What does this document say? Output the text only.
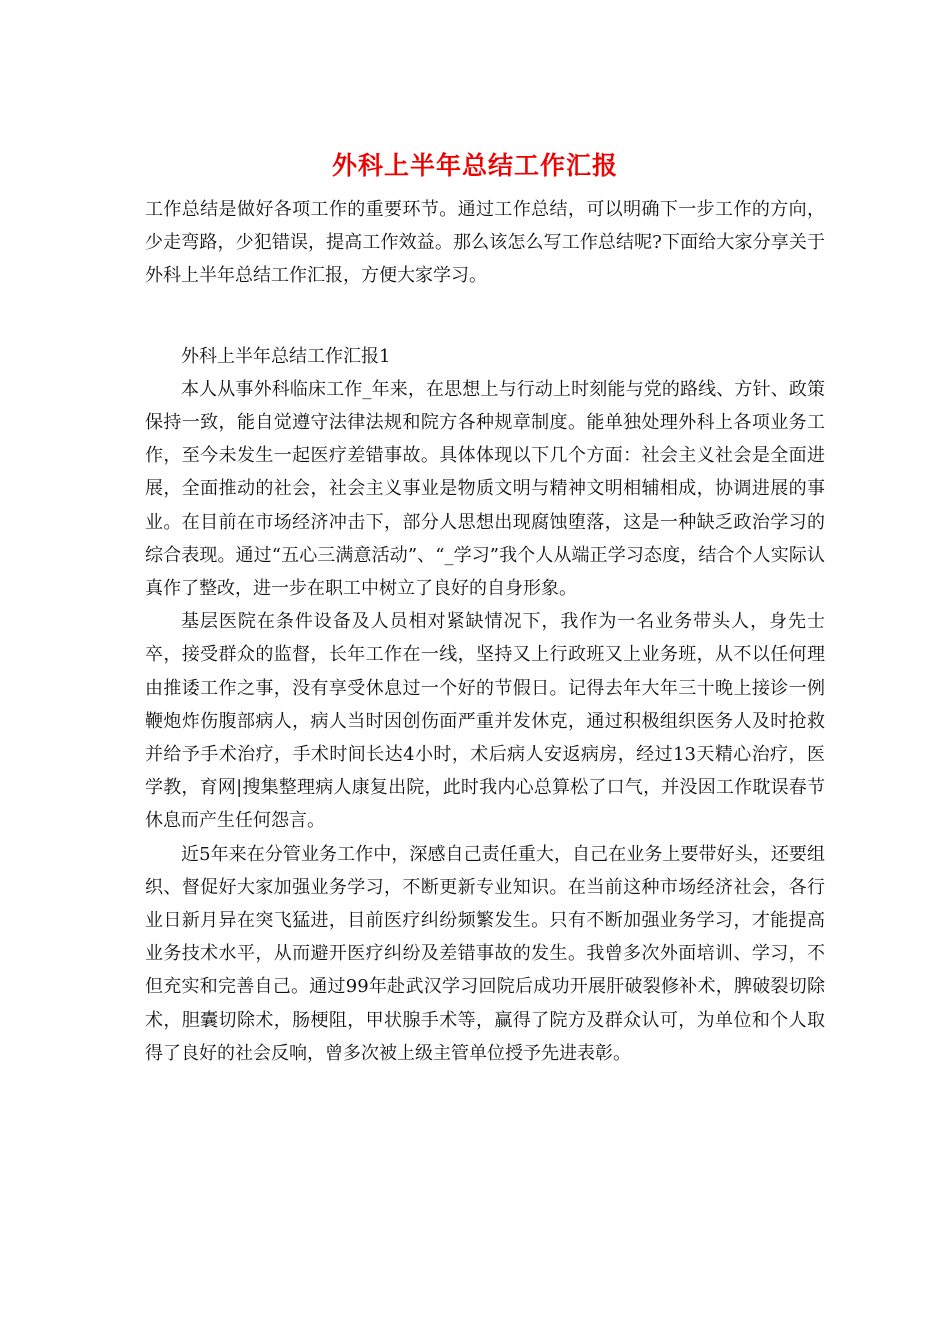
外科上半年总结工作汇报

工作总结是做好各项工作的重要环节。通过工作总结，可以明确下一步工作的方向，少走弯路，少犯错误，提高工作效益。那么该怎么写工作总结呢?下面给大家分享关于外科上半年总结工作汇报，方便大家学习。

外科上半年总结工作汇报1

本人从事外科临床工作_年来，在思想上与行动上时刻能与党的路线、方针、政策保持一致，能自觉遵守法律法规和院方各种规章制度。能单独处理外科上各项业务工作，至今未发生一起医疗差错事故。具体体现以下几个方面：社会主义社会是全面进展，全面推动的社会，社会主义事业是物质文明与精神文明相辅相成，协调进展的事业。在目前在市场经济冲击下，部分人思想出现腐蚀堕落，这是一种缺乏政治学习的综合表现。通过“五心三满意活动”、“_学习”我个人从端正学习态度，结合个人实际认真作了整改，进一步在职工中树立了良好的自身形象。

基层医院在条件设备及人员相对紧缺情况下，我作为一名业务带头人，身先士卒，接受群众的监督，长年工作在一线，坚持又上行政班又上业务班，从不以任何理由推诿工作之事，没有享受休息过一个好的节假日。记得去年大年三十晚上接诊一例鞭炮炸伤腹部病人，病人当时因创伤面严重并发休克，通过积极组织医务人及时抢救并给予手术治疗，手术时间长达4小时，术后病人安返病房，经过13天精心治疗，医学教，育网|搜集整理病人康复出院，此时我内心总算松了口气，并没因工作耽误春节休息而产生任何怨言。

近5年来在分管业务工作中，深感自己责任重大，自己在业务上要带好头，还要组织、督促好大家加强业务学习，不断更新专业知识。在当前这种市场经济社会，各行业日新月异在突飞猛进，目前医疗纠纷频繁发生。只有不断加强业务学习，才能提高业务技术水平，从而避开医疗纠纷及差错事故的发生。我曾多次外面培训、学习，不但充实和完善自己。通过99年赴武汉学习回院后成功开展肝破裂修补术，脾破裂切除术，胆囊切除术，肠梗阻，甲状腺手术等，赢得了院方及群众认可，为单位和个人取得了良好的社会反响，曾多次被上级主管单位授予先进表彰。
